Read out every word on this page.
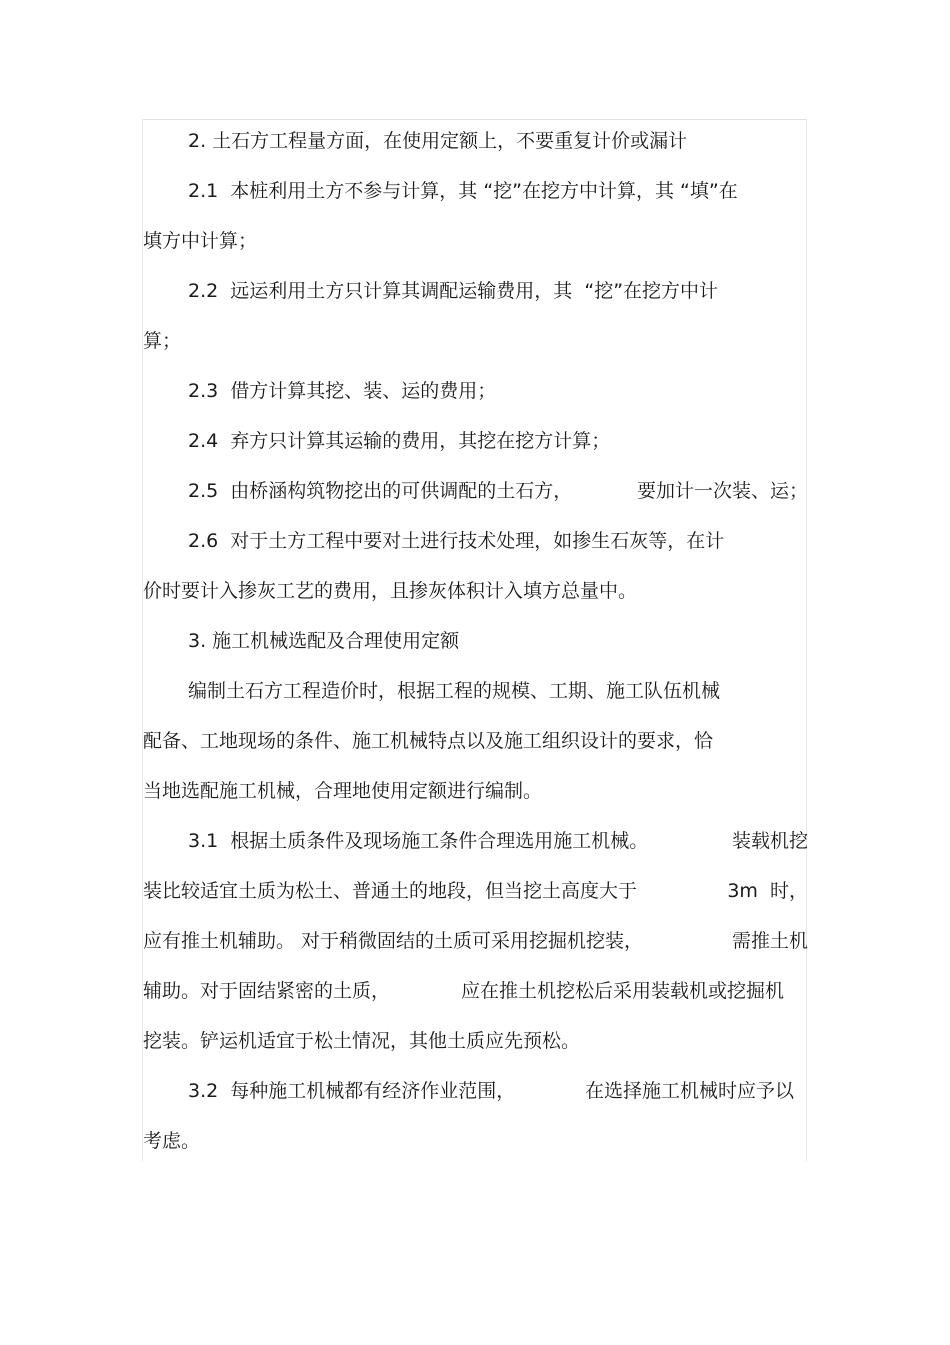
2. 土石方工程量方面，在使用定额上，不要重复计价或漏计
2.1  本桩利用土方不参与计算，其 “挖”在挖方中计算，其 “填”在
填方中计算；
2.2  远运利用土方只计算其调配运输费用，其  “挖”在挖方中计
算；
2.3  借方计算其挖、装、运的费用；
2.4  弃方只计算其运输的费用，其挖在挖方计算；
2.5  由桥涵构筑物挖出的可供调配的土石方，	要加计一次装、运；
2.6  对于土方工程中要对土进行技术处理，如掺生石灰等，在计
价时要计入掺灰工艺的费用，且掺灰体积计入填方总量中。
3. 施工机械选配及合理使用定额
编制土石方工程造价时，根据工程的规模、工期、施工队伍机械
配备、工地现场的条件、施工机械特点以及施工组织设计的要求，恰
当地选配施工机械，合理地使用定额进行编制。
3.1  根据土质条件及现场施工条件合理选用施工机械。	装载机挖
装比较适宜土质为松土、普通土的地段，但当挖土高度大于	3m  时，
应有推土机辅助。 对于稍微固结的土质可采用挖掘机挖装，	需推土机
辅助。对于固结紧密的土质，	应在推土机挖松后采用装载机或挖掘机
挖装。铲运机适宜于松土情况，其他土质应先预松。
3.2  每种施工机械都有经济作业范围，	在选择施工机械时应予以
考虑。
